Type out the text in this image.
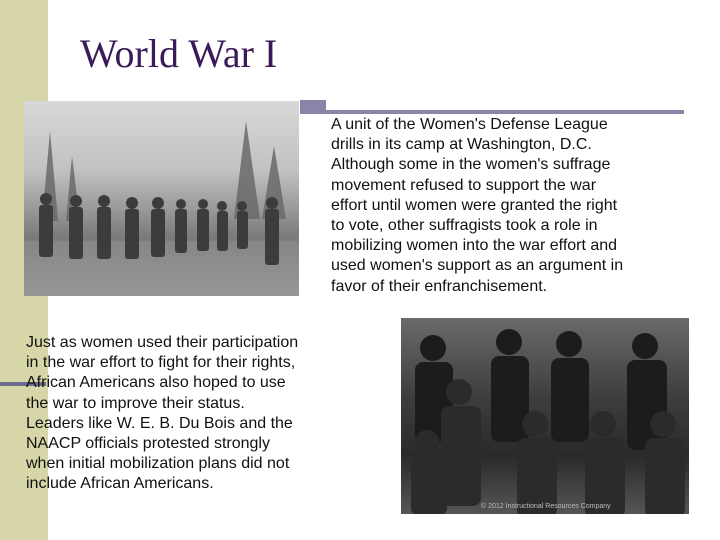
World War I

A unit of the Women's Defense League
drills in its camp at Washington, D.C.
Although some in the women's suffrage
movement refused to support the war
effort until women were granted the right
to vote, other suffragists took a role in
mobilizing women into the war effort and
used women's support as an argument in
favor of their enfranchisement.

Just as women used their participation
in the war effort to fight for their rights,
African Americans also hoped to use
the war to improve their status.
Leaders like W. E. B. Du Bois and the
NAACP officials protested strongly
when initial mobilization plans did not
include African Americans.

© 2012 Instructional Resources Company
